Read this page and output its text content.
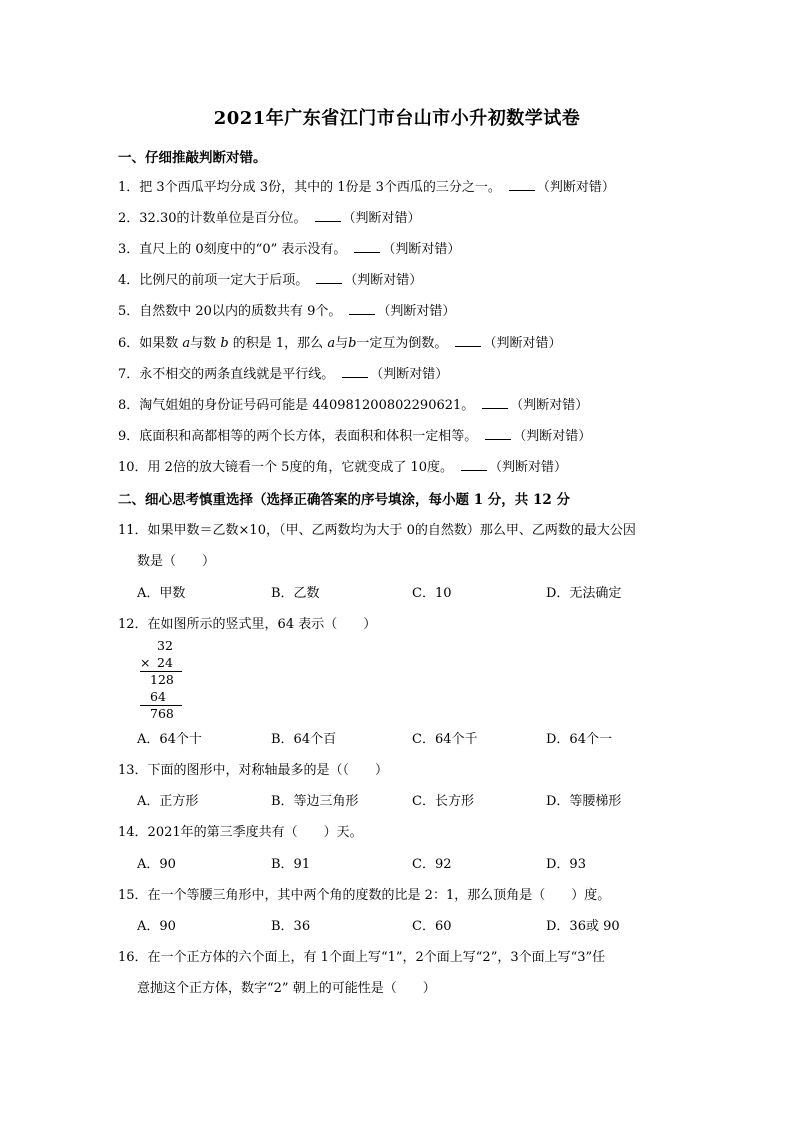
2021年广东省江门市台山市小升初数学试卷
一、仔细推敲判断对错。
1．把 3个西瓜平均分成 3份，其中的 1份是 3个西瓜的三分之一。	（判断对错）
2．32.30的计数单位是百分位。	（判断对错）
3．直尺上的 0刻度中的“0” 表示没有。	（判断对错）
4．比例尺的前项一定大于后项。	（判断对错）
5．自然数中 20以内的质数共有 9个。	（判断对错）
6．如果数 a与数 b 的积是 1，那么 a与b一定互为倒数。	（判断对错）
7．永不相交的两条直线就是平行线。	（判断对错）
8．淘气姐姐的身份证号码可能是 440981200802290621。	（判断对错）
9．底面积和高都相等的两个长方体，表面积和体积一定相等。	（判断对错）
10．用 2倍的放大镜看一个 5度的角，它就变成了 10度。	（判断对错）
二、细心思考慎重选择（选择正确答案的序号填涂，每小题 1 分，共 12 分
11．如果甲数＝乙数×10，（甲、乙两数均为大于 0的自然数）那么甲、乙两数的最大公因
数是（　　）
A．甲数	B．乙数	C．10	D．无法确定
12．在如图所示的竖式里，64 表示（　　）
32
× 24
128
64
768
A．64个十	B．64个百	C．64个千	D．64个一
13．下面的图形中，对称轴最多的是（（　　）
A．正方形	B．等边三角形	C．长方形	D．等腰梯形
14．2021年的第三季度共有（　　）天。
A．90	B．91	C．92	D．93
15．在一个等腰三角形中，其中两个角的度数的比是 2：1，那么顶角是（　　）度。
A．90	B．36	C．60	D．36或 90
16．在一个正方体的六个面上，有 1个面上写“1”，2个面上写“2”，3个面上写“3”任
意抛这个正方体，数字“2” 朝上的可能性是（　　）
